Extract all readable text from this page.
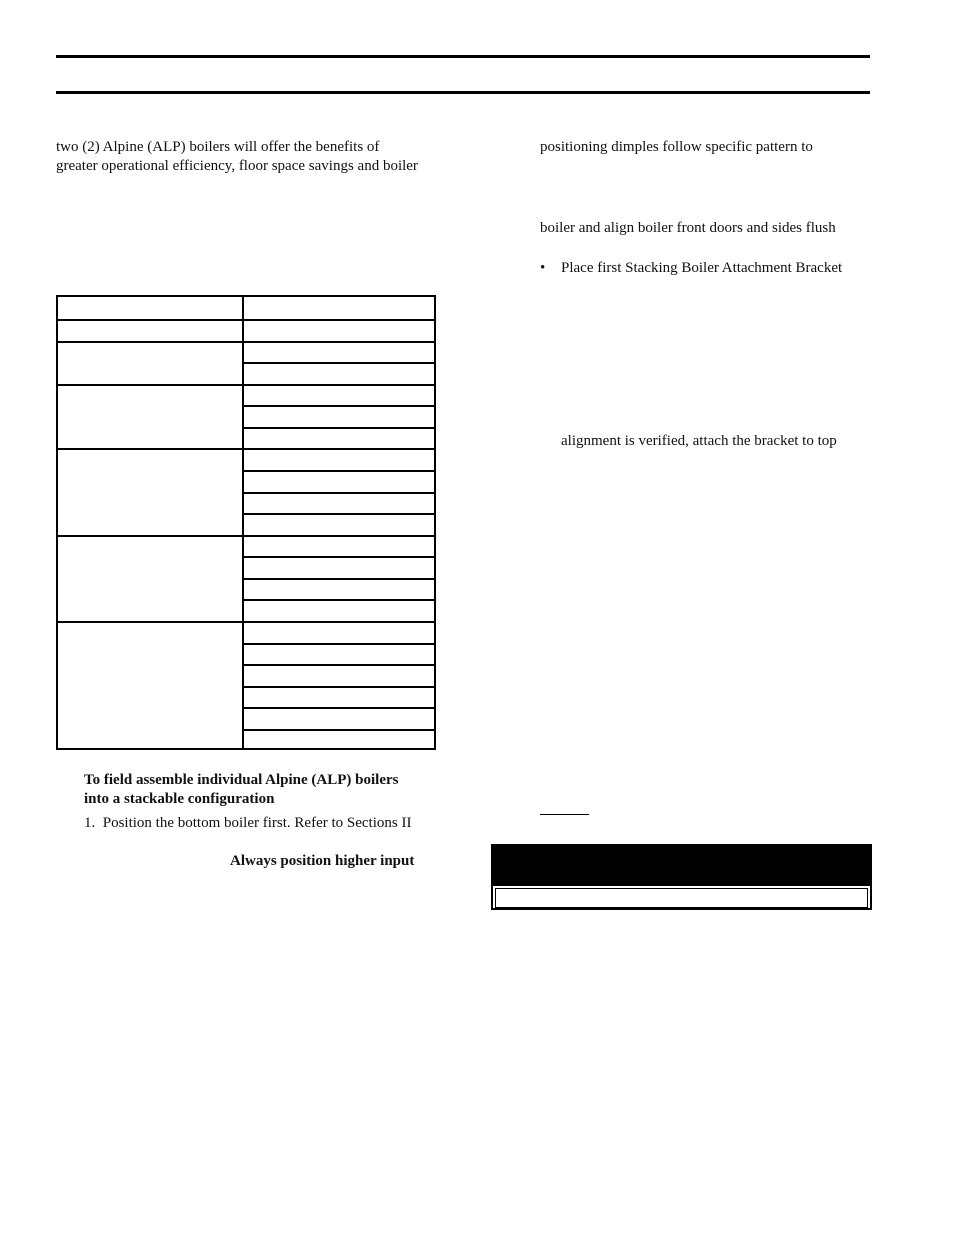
two (2) Alpine (ALP) boilers will offer the benefits of
greater operational efficiency, floor space savings and boiler
To field assemble individual Alpine (ALP) boilers
into a stackable configuration
1. Position the bottom boiler first. Refer to Sections II
Always position higher input
positioning dimples follow specific pattern to
boiler and align boiler front doors and sides flush
• Place first Stacking Boiler Attachment Bracket
alignment is verified, attach the bracket to top
